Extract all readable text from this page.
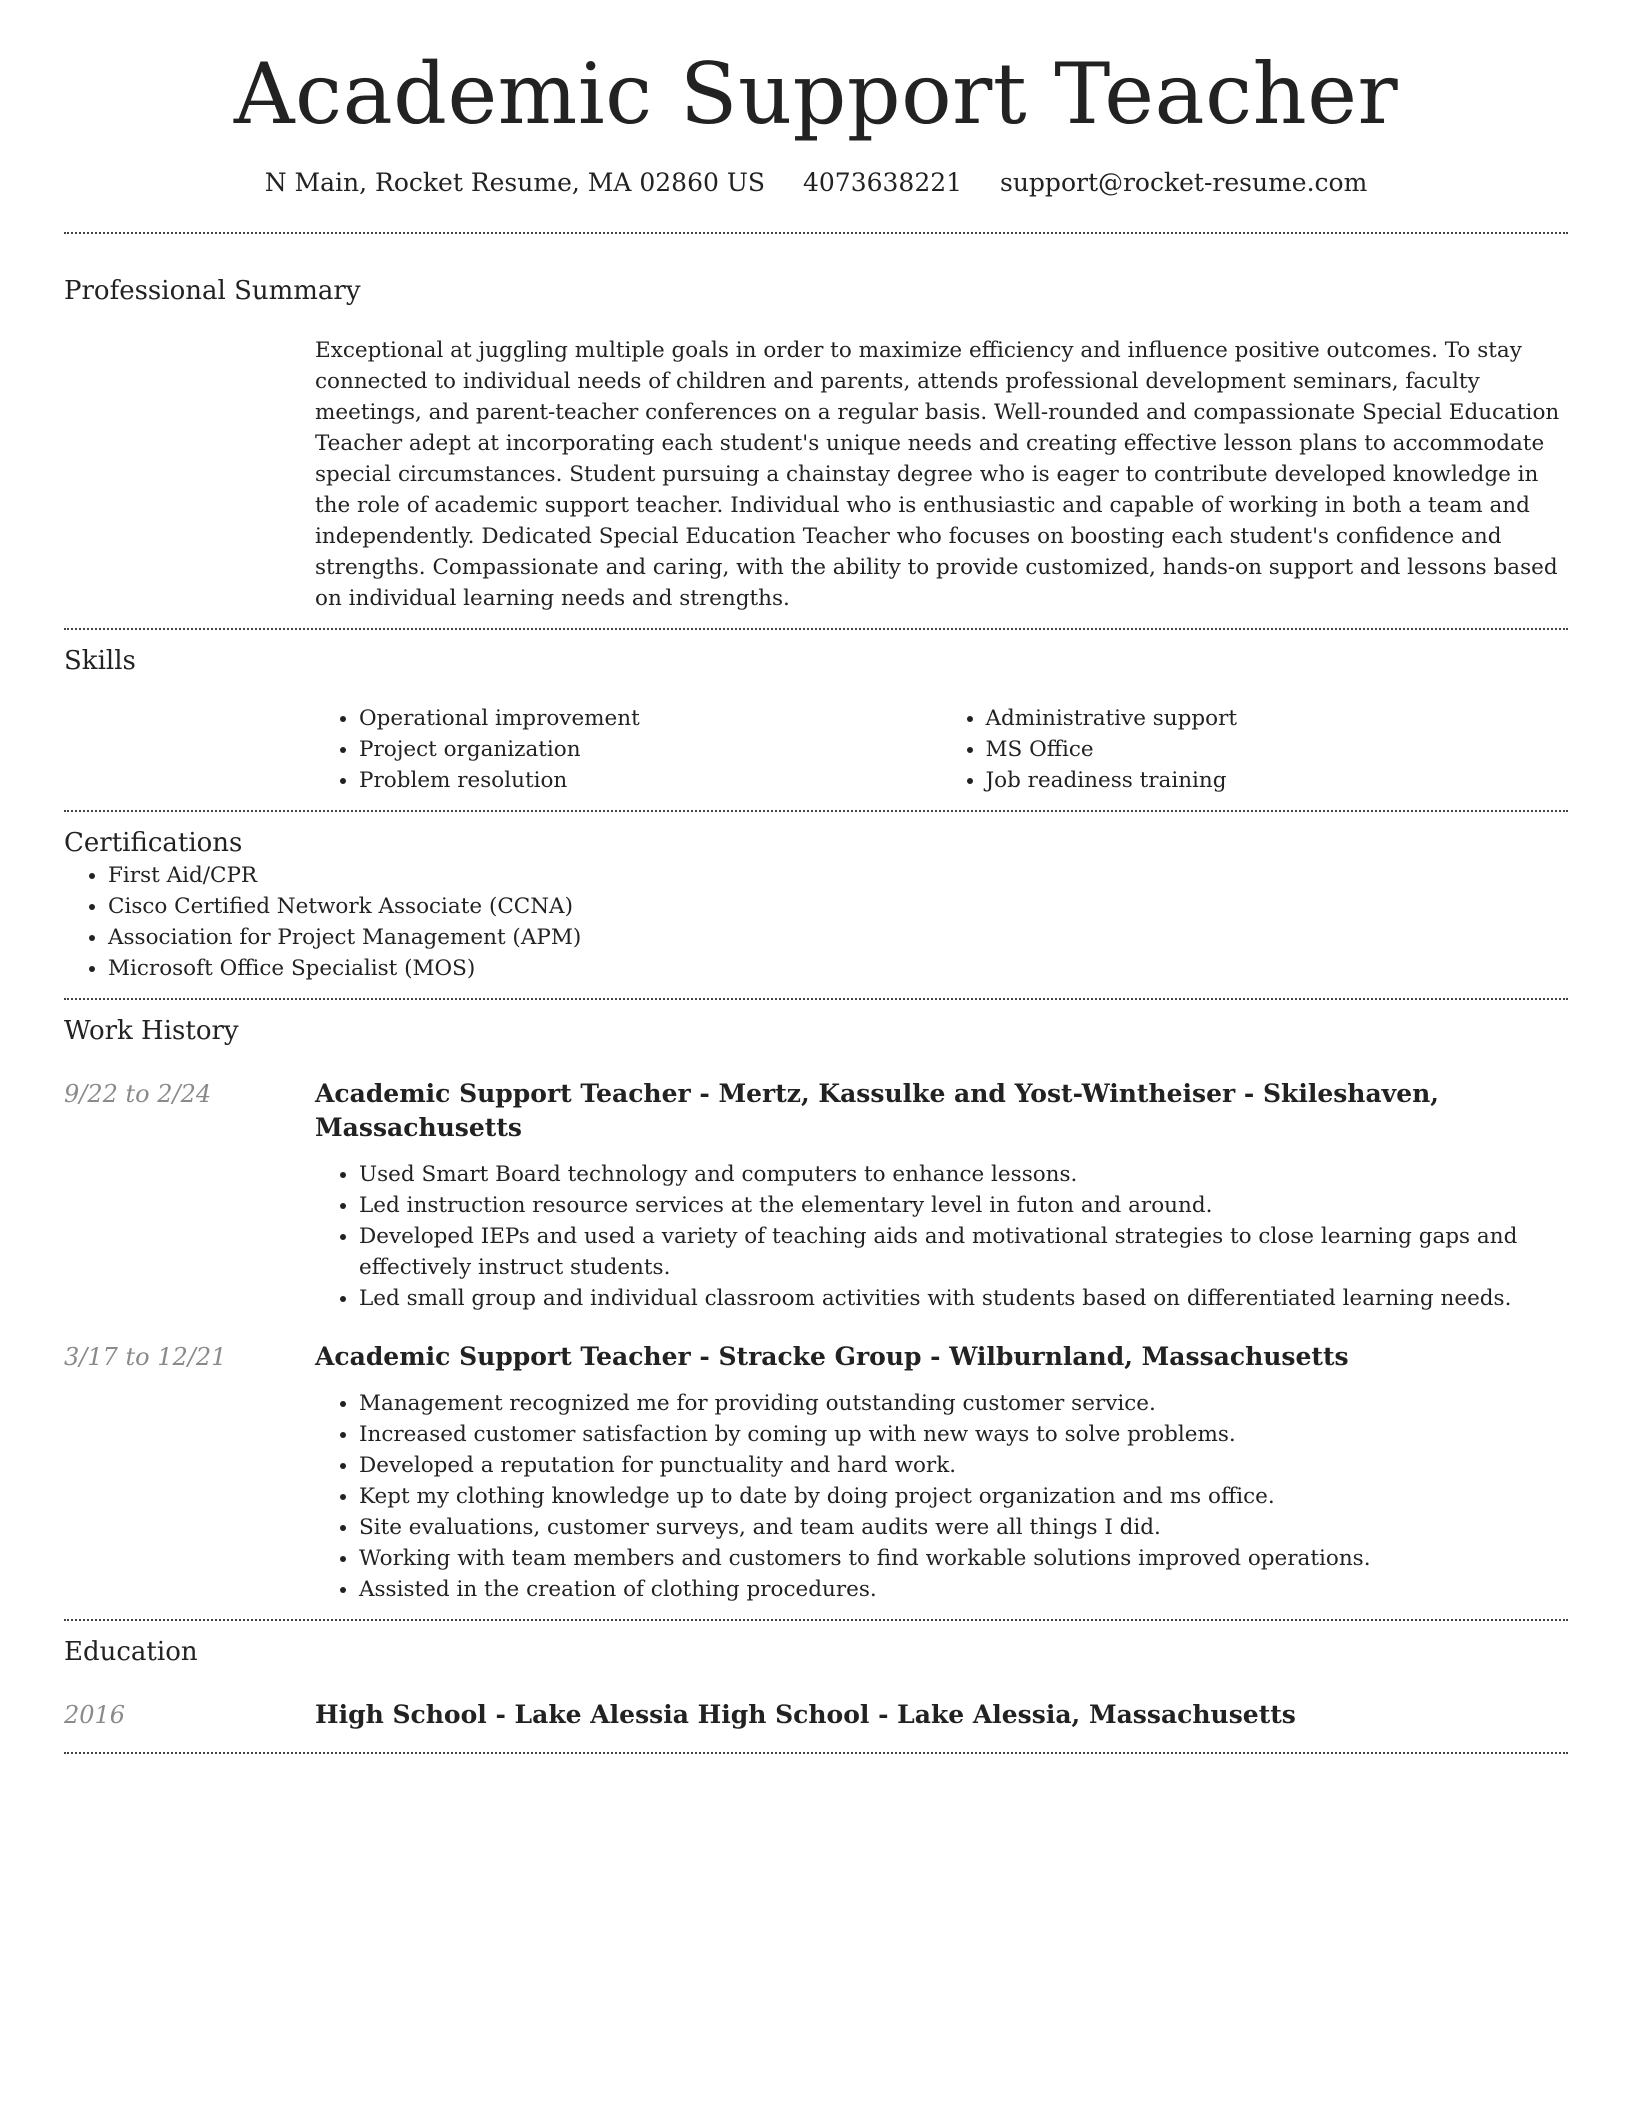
Academic Support Teacher
N Main, Rocket Resume, MA 02860 US 4073638221 support@rocket-resume.com
Professional Summary

Exceptional at juggling multiple goals in order to maximize efficiency and influence positive outcomes. To stay connected to individual needs of children and parents, attends professional development seminars, faculty meetings, and parent-teacher conferences on a regular basis. Well-rounded and compassionate Special Education Teacher adept at incorporating each student's unique needs and creating effective lesson plans to accommodate special circumstances. Student pursuing a chainstay degree who is eager to contribute developed knowledge in the role of academic support teacher. Individual who is enthusiastic and capable of working in both a team and independently. Dedicated Special Education Teacher who focuses on boosting each student's confidence and strengths. Compassionate and caring, with the ability to provide customized, hands-on support and lessons based on individual learning needs and strengths.

Skills
• Operational improvement
• Project organization
• Problem resolution
• Administrative support
• MS Office
• Job readiness training
Certifications
• First Aid/CPR
• Cisco Certified Network Associate (CCNA)
• Association for Project Management (APM)
• Microsoft Office Specialist (MOS)
Work History
9/22 to 2/24	Academic Support Teacher - Mertz, Kassulke and Yost-Wintheiser - Skileshaven, Massachusetts
• Used Smart Board technology and computers to enhance lessons.
• Led instruction resource services at the elementary level in futon and around.
• Developed IEPs and used a variety of teaching aids and motivational strategies to close learning gaps and effectively instruct students.
• Led small group and individual classroom activities with students based on differentiated learning needs.
3/17 to 12/21	Academic Support Teacher - Stracke Group - Wilburnland, Massachusetts
• Management recognized me for providing outstanding customer service.
• Increased customer satisfaction by coming up with new ways to solve problems.
• Developed a reputation for punctuality and hard work.
• Kept my clothing knowledge up to date by doing project organization and ms office.
• Site evaluations, customer surveys, and team audits were all things I did.
• Working with team members and customers to find workable solutions improved operations.
• Assisted in the creation of clothing procedures.
Education
2016	High School - Lake Alessia High School - Lake Alessia, Massachusetts
